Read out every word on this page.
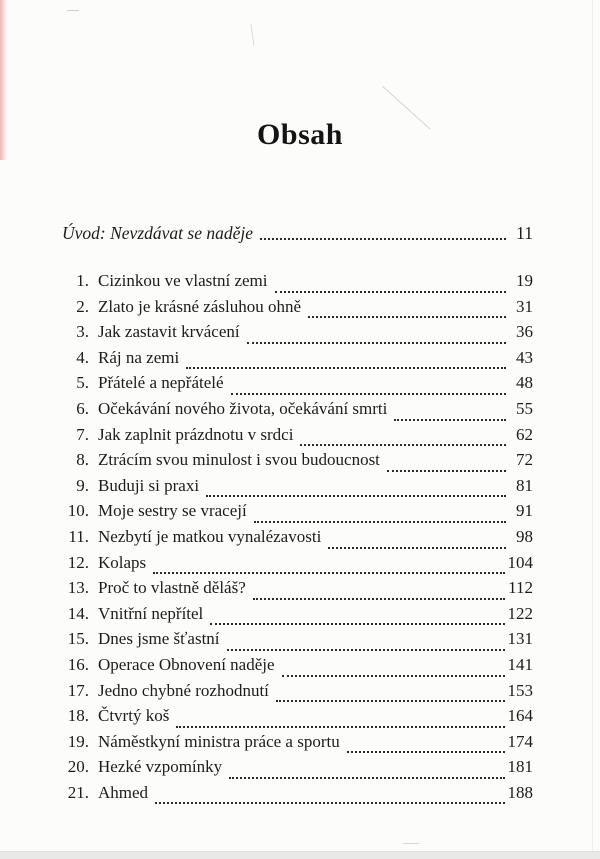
Obsah
Úvod: Nevzdávat se naděje	11
1. Cizinkou ve vlastní zemi	19
2. Zlato je krásné zásluhou ohně	31
3. Jak zastavit krvácení	36
4. Ráj na zemi	43
5. Přátelé a nepřátelé	48
6. Očekávání nového života, očekávání smrti	55
7. Jak zaplnit prázdnotu v srdci	62
8. Ztrácím svou minulost i svou budoucnost	72
9. Buduji si praxi	81
10. Moje sestry se vracejí	91
11. Nezbytí je matkou vynalézavosti	98
12. Kolaps	104
13. Proč to vlastně děláš?	112
14. Vnitřní nepřítel	122
15. Dnes jsme šťastní	131
16. Operace Obnovení naděje	141
17. Jedno chybné rozhodnutí	153
18. Čtvrtý koš	164
19. Náměstkyní ministra práce a sportu	174
20. Hezké vzpomínky	181
21. Ahmed	188
